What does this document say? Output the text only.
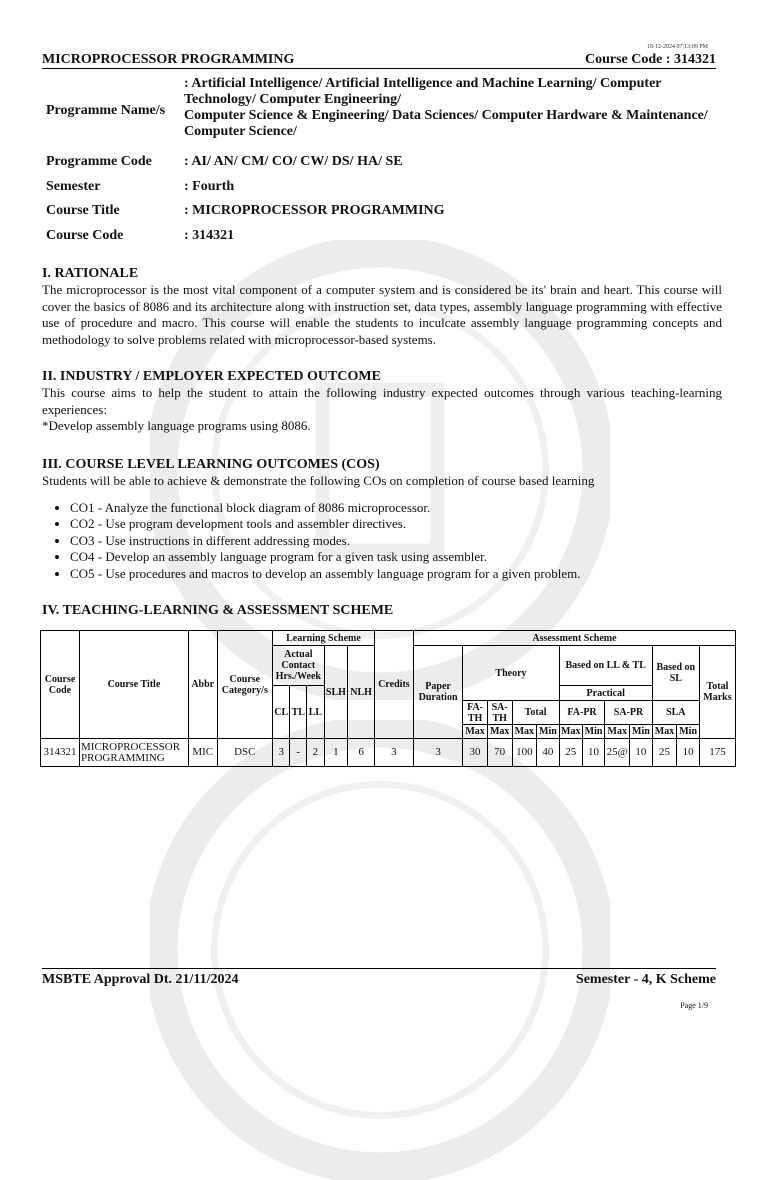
18-12-2024 07:13:09 PM
MICROPROCESSOR PROGRAMMING	Course Code : 314321
Programme Name/s
: Artificial Intelligence/ Artificial Intelligence and Machine Learning/ Computer
Technology/ Computer Engineering/
Computer Science & Engineering/ Data Sciences/ Computer Hardware & Maintenance/
Computer Science/
Programme Code	: AI/ AN/ CM/ CO/ CW/ DS/ HA/ SE
Semester	: Fourth
Course Title	: MICROPROCESSOR PROGRAMMING
Course Code	: 314321
I. RATIONALE

The microprocessor is the most vital component of a computer system and is considered be its' brain and heart. This course will cover the basics of 8086 and its architecture along with instruction set, data types, assembly language programming with effective use of procedure and macro. This course will enable the students to inculcate assembly language programming concepts and methodology to solve problems related with microprocessor-based systems.

II. INDUSTRY / EMPLOYER EXPECTED OUTCOME

This course aims to help the student to attain the following industry expected outcomes through various teaching-learning experiences:

*Develop assembly language programs using 8086.

III. COURSE LEVEL LEARNING OUTCOMES (COS)

Students will be able to achieve & demonstrate the following COs on completion of course based learning

• CO1 - Analyze the functional block diagram of 8086 microprocessor.
• CO2 - Use program development tools and assembler directives.
• CO3 - Use instructions in different addressing modes.
• CO4 - Develop an assembly language program for a given task using assembler.
• CO5 - Use procedures and macros to develop an assembly language program for a given problem.
IV. TEACHING-LEARNING & ASSESSMENT SCHEME
Course Code	Course Title	Abbr	Course Category/s	Learning Scheme					Credits	Assessment Scheme											
				Actual Contact Hrs./Week			SLH	NLH		Paper Duration	Theory				Based on LL & TL				Based on SL		Total Marks
				CL	TL	LL									Practical						
											FA-TH	SA-TH	Total		FA-PR		SA-PR		SLA		
											Max	Max	Max	Min	Max	Min	Max	Min	Max	Min	
314321	MICROPROCESSOR PROGRAMMING	MIC	DSC	3	-	2	1	6	3	3	30	70	100	40	25	10	25@	10	25	10	175
MSBTE Approval Dt. 21/11/2024	Semester - 4, K Scheme
Page 1/9
